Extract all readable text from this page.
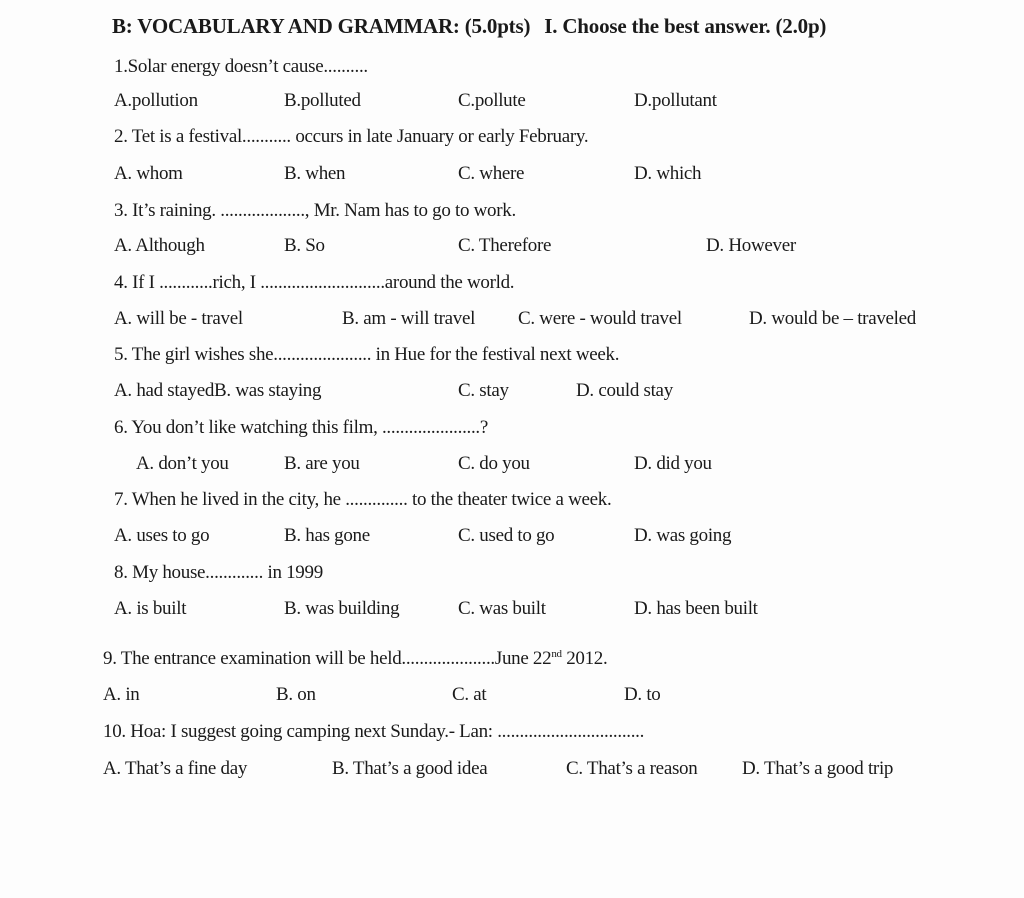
B: VOCABULARY AND GRAMMAR: (5.0pts) I. Choose the best answer. (2.0p)
1.Solar energy doesn’t cause..........
A.pollution	B.polluted	C.pollute	D.pollutant
2. Tet is a festival........... occurs in late January or early February.
A. whom	B. when	C. where	D. which
3. It’s raining. ..................., Mr. Nam has to go to work.
A. Although	B. So	C. Therefore	D. However
4. If I ............rich, I ............................around the world.
A. will be - travel	B. am - will travel C. were - would travel	D. would be – traveled
5. The girl wishes she...................... in Hue for the festival next week.
A. had stayedB. was staying	C. stay	D. could stay
6. You don’t like watching this film, ......................?
A. don’t you	B. are you	C. do you	D. did you
7. When he lived in the city, he .............. to the theater twice a week.
A. uses to go	B. has gone	C. used to go	D. was going
8. My house............. in 1999
A. is built	B. was building	C. was built	D. has been built
9. The entrance examination will be held.....................June 22nd 2012.
A. in	B. on	C. at	D. to
10. Hoa: I suggest going camping next Sunday.- Lan: .................................
A. That’s a fine day	B. That’s a good idea	C. That’s a reason D. That’s a good trip
